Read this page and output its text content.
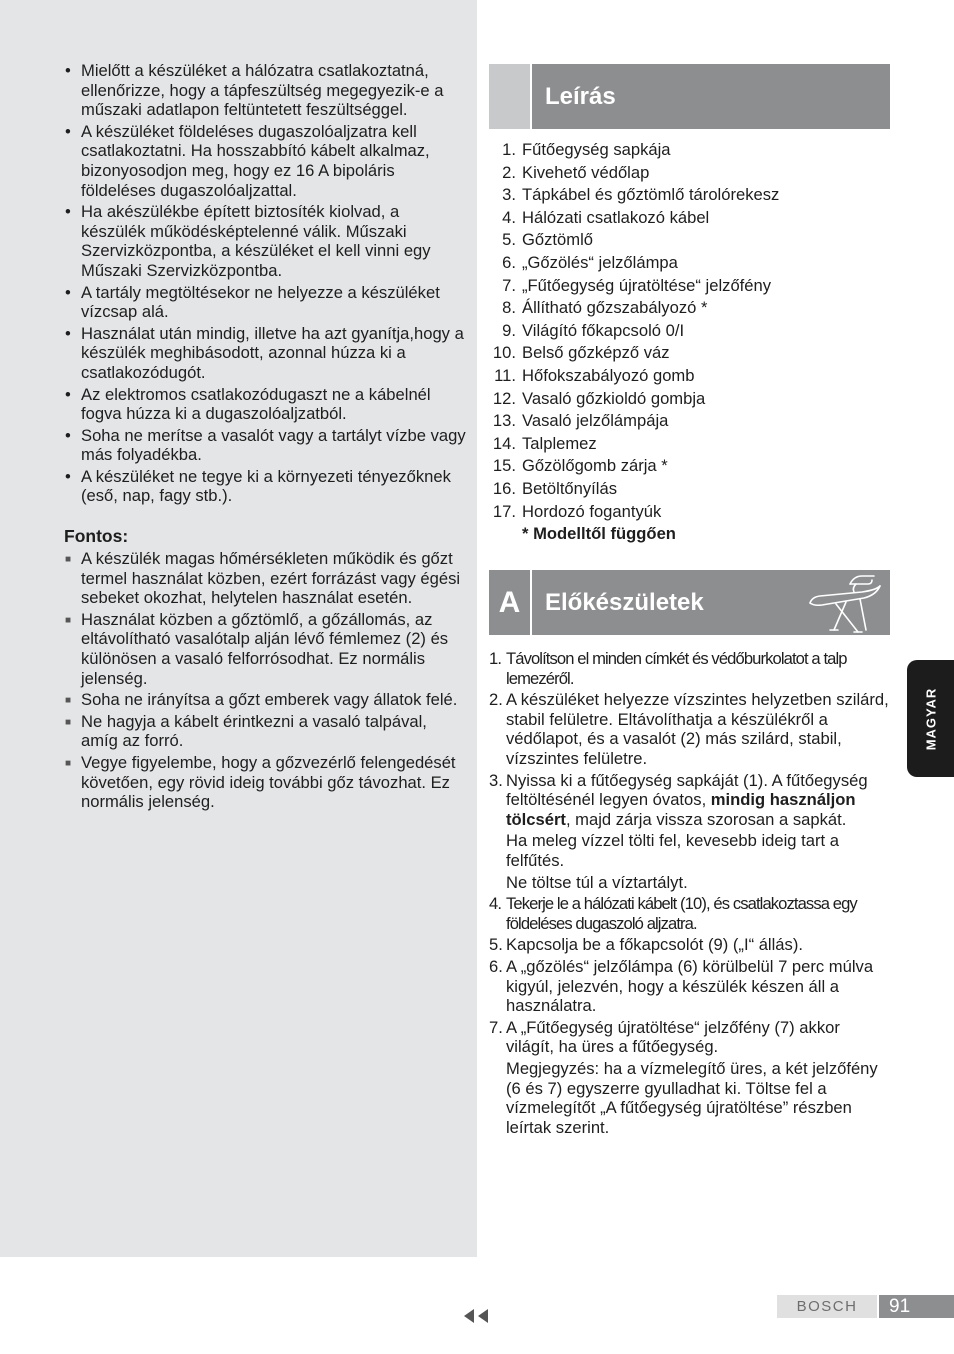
• Mielőtt a készüléket a hálózatra csatlakoztatná, ellenőrizze, hogy a tápfeszültség megegyezik-e a műszaki adatlapon feltüntetett feszültséggel.
• A készüléket földeléses dugaszolóaljzatra kell csatlakoztatni. Ha hosszabbító kábelt alkalmaz, bizonyosodjon meg, hogy ez 16 A bipoláris földeléses dugaszolóaljzattal.
• Ha akészülékbe épített biztosíték kiolvad, a készülék működésképtelenné válik. Műszaki Szervizközpontba, a készüléket el kell vinni egy Műszaki Szervizközpontba.
• A tartály megtöltésekor ne helyezze a készüléket vízcsap alá.
• Használat után mindig, illetve ha azt gyanítja,hogy a készülék meghibásodott, azonnal húzza ki a csatlakozódugót.
• Az elektromos csatlakozódugaszt ne a kábelnél fogva húzza ki a dugaszolóaljzatból.
• Soha ne merítse a vasalót vagy a tartályt vízbe vagy más folyadékba.
• A készüléket ne tegye ki a környezeti tényezőknek (eső, nap, fagy stb.).
Fontos:
■ A készülék magas hőmérsékleten működik és gőzt termel használat közben, ezért forrázást vagy égési sebeket okozhat, helytelen használat esetén.
■ Használat közben a gőztömlő, a gőzállomás, az eltávolítható vasalótalp alján lévő fémlemez (2) és különösen a vasaló felforrósodhat. Ez normális jelenség.
■ Soha ne irányítsa a gőzt emberek vagy állatok felé.
■ Ne hagyja a kábelt érintkezni a vasaló talpával, amíg az forró.
■ Vegye figyelembe, hogy a gőzvezérlő felengedését követően, egy rövid ideig további gőz távozhat. Ez normális jelenség.
Leírás
1. Fűtőegység sapkája
2. Kivehető védőlap
3. Tápkábel és gőztömlő tárolórekesz
4. Hálózati csatlakozó kábel
5. Gőztömlő
6. „Gőzölés“ jelzőlámpa
7. „Fűtőegység újratöltése“ jelzőfény
8. Állítható gőzszabályozó *
9. Világító főkapcsoló 0/I
10. Belső gőzképző váz
11. Hőfokszabályozó gomb
12. Vasaló gőzkioldó gombja
13. Vasaló jelzőlámpája
14. Talplemez
15. Gőzölőgomb zárja *
16. Betöltőnyílás
17. Hordozó fogantyúk
* Modelltől függően
A	Előkészületek
1. Távolítson el minden címkét és védőburkolatot a talp lemezéről.
2. A készüléket helyezze vízszintes helyzetben szilárd, stabil felületre. Eltávolíthatja a készülékről a védőlapot, és a vasalót (2) más szilárd, stabil, vízszintes felületre.
3. Nyissa ki a fűtőegység sapkáját (1). A fűtőegység feltöltésénél legyen óvatos, mindig használjon tölcsért, majd zárja vissza szorosan a sapkát.
Ha meleg vízzel tölti fel, kevesebb ideig tart a felfűtés.
Ne töltse túl a víztartályt.
4. Tekerje le a hálózati kábelt (10), és csatlakoztassa egy földeléses dugaszoló aljzatra.
5. Kapcsolja be a főkapcsolót (9) („I“ állás).
6. A „gőzölés“ jelzőlámpa (6) körülbelül 7 perc múlva kigyúl, jelezvén, hogy a készülék készen áll a használatra.
7. A „Fűtőegység újratöltése“ jelzőfény (7) akkor világít, ha üres a fűtőegység.
Megjegyzés: ha a vízmelegítő üres, a két jelzőfény (6 és 7) egyszerre gyulladhat ki. Töltse fel a vízmelegítőt „A fűtőegység újratöltése” részben leírtak szerint.
MAGYAR
BOSCH	91
